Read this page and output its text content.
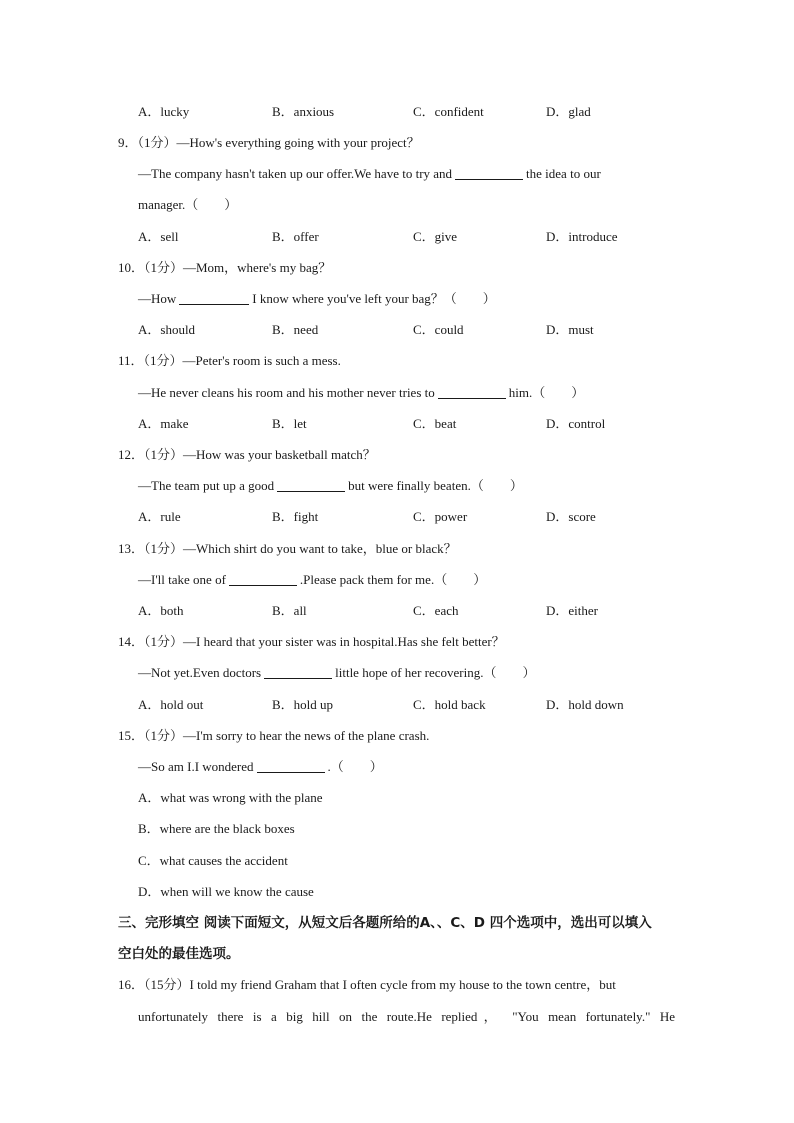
A．lucky	B．anxious	C．confident	D．glad
9．（1分）—How's everything going with your project？
—The company hasn't taken up our offer.We have to try and	the idea to our
manager.（　　）
A．sell	B．offer	C．give	D．introduce
10．（1分）—Mom，where's my bag？
—How	I know where you've left your bag？（　　）
A．should	B．need	C．could	D．must
11．（1分）—Peter's room is such a mess.
—He never cleans his room and his mother never tries to	him.（　　）
A．make	B．let	C．beat	D．control
12．（1分）—How was your basketball match？
—The team put up a good	but were finally beaten.（　　）
A．rule	B．fight	C．power	D．score
13．（1分）—Which shirt do you want to take，blue or black？
—I'll take one of	.Please pack them for me.（　　）
A．both	B．all	C．each	D．either
14．（1分）—I heard that your sister was in hospital.Has she felt better？
—Not yet.Even doctors	little hope of her recovering.（　　）
A．hold out	B．hold up	C．hold back	D．hold down
15．（1分）—I'm sorry to hear the news of the plane crash.
—So am I.I wondered	.（　　）
A．what was wrong with the plane
B．where are the black boxes
C．what causes the accident
D．when will we know the cause
三、完形填空 阅读下面短文，从短文后各题所给的A、、C、D 四个选项中，选出可以填入
空白处的最佳选项。
16．（15分）I told my friend Graham that I often cycle from my house to the town centre，but
unfortunately there is a big hill on the route.He replied， "You mean fortunately." He
